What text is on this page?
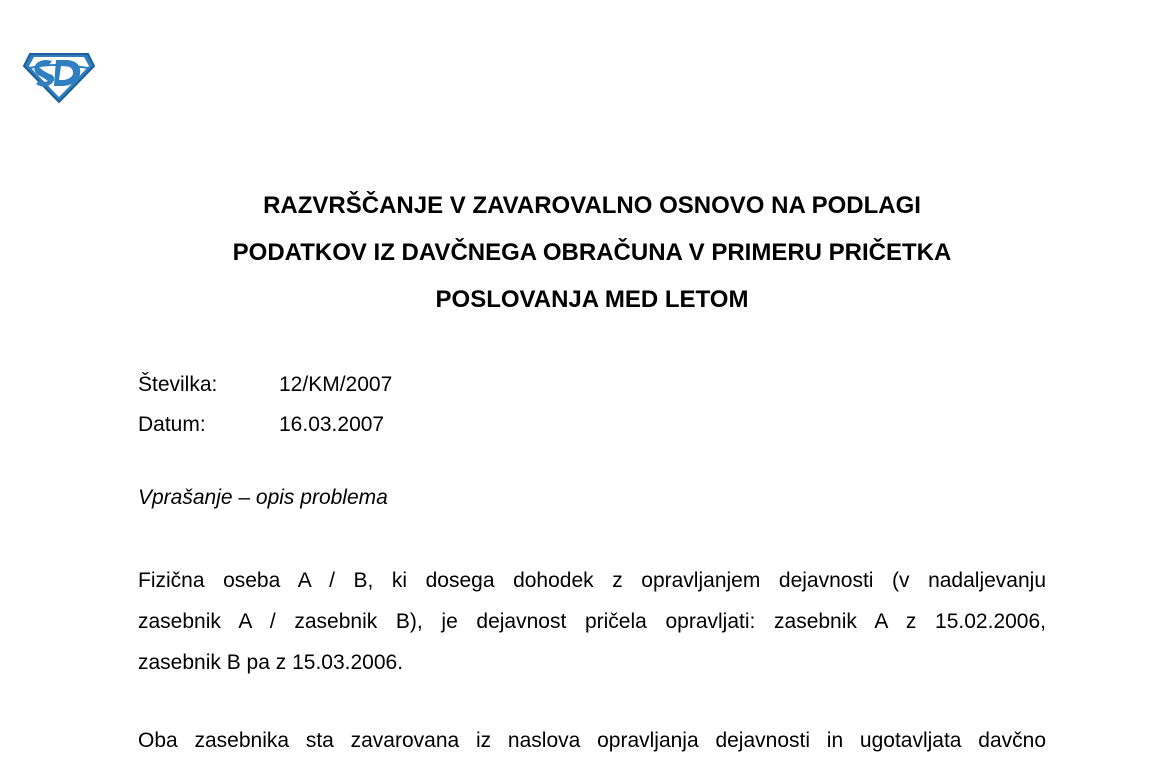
RAZVRŠČANJE V ZAVAROVALNO OSNOVO NA PODLAGI
PODATKOV IZ DAVČNEGA OBRAČUNA V PRIMERU PRIČETKA
POSLOVANJA MED LETOM
Številka:	12/KM/2007
Datum:	16.03.2007
Vprašanje – opis problema
Fizična oseba A / B, ki dosega dohodek z opravljanjem dejavnosti (v nadaljevanju
zasebnik A / zasebnik B), je dejavnost pričela opravljati: zasebnik A z 15.02.2006,
zasebnik B pa z 15.03.2006.
Oba zasebnika sta zavarovana iz naslova opravljanja dejavnosti in ugotavljata davčno
